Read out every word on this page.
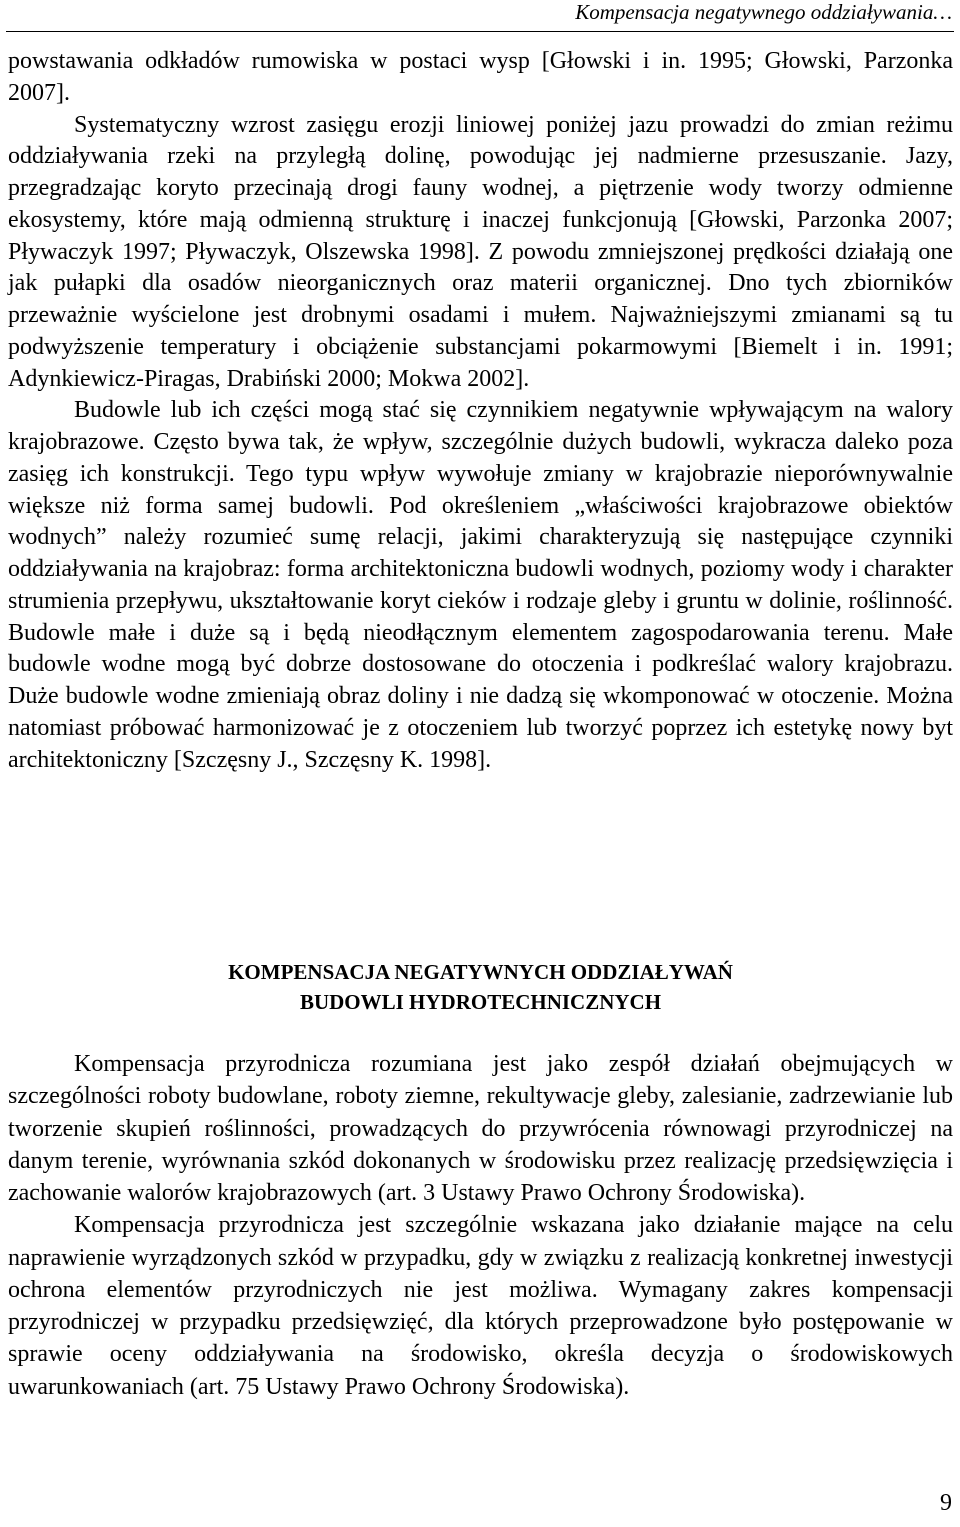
Kompensacja negatywnego oddziaływania…

powstawania odkładów rumowiska w postaci wysp [Głowski i in. 1995; Głowski, Parzonka 2007].

Systematyczny wzrost zasięgu erozji liniowej poniżej jazu prowadzi do zmian reżimu oddziaływania rzeki na przyległą dolinę, powodując jej nadmierne przesuszanie. Jazy, przegradzając koryto przecinają drogi fauny wodnej, a piętrzenie wody tworzy odmienne ekosystemy, które mają odmienną strukturę i inaczej funkcjonują [Głowski, Parzonka 2007; Pływaczyk 1997; Pływaczyk, Olszewska 1998]. Z powodu zmniejszonej prędkości działają one jak pułapki dla osadów nieorganicznych oraz materii organicznej. Dno tych zbiorników przeważnie wyścielone jest drobnymi osadami i mułem. Najważniejszymi zmianami są tu podwyższenie temperatury i obciążenie substancjami pokarmowymi [Biemelt i in. 1991; Adynkiewicz-Piragas, Drabiński 2000; Mokwa 2002].

Budowle lub ich części mogą stać się czynnikiem negatywnie wpływającym na walory krajobrazowe. Często bywa tak, że wpływ, szczególnie dużych budowli, wykracza daleko poza zasięg ich konstrukcji. Tego typu wpływ wywołuje zmiany w krajobrazie nieporównywalnie większe niż forma samej budowli. Pod określeniem „właściwości krajobrazowe obiektów wodnych” należy rozumieć sumę relacji, jakimi charakteryzują się następujące czynniki oddziaływania na krajobraz: forma architektoniczna budowli wodnych, poziomy wody i charakter strumienia przepływu, ukształtowanie koryt cieków i rodzaje gleby i gruntu w dolinie, roślinność. Budowle małe i duże są i będą nieodłącznym elementem zagospodarowania terenu. Małe budowle wodne mogą być dobrze dostosowane do otoczenia i podkreślać walory krajobrazu. Duże budowle wodne zmieniają obraz doliny i nie dadzą się wkomponować w otoczenie. Można natomiast próbować harmonizować je z otoczeniem lub tworzyć poprzez ich estetykę nowy byt architektoniczny [Szczęsny J., Szczęsny K. 1998].

KOMPENSACJA NEGATYWNYCH ODDZIAŁYWAŃ
BUDOWLI HYDROTECHNICZNYCH

Kompensacja przyrodnicza rozumiana jest jako zespół działań obejmujących w szczególności roboty budowlane, roboty ziemne, rekultywacje gleby, zalesianie, zadrzewianie lub tworzenie skupień roślinności, prowadzących do przywrócenia równowagi przyrodniczej na danym terenie, wyrównania szkód dokonanych w środowisku przez realizację przedsięwzięcia i zachowanie walorów krajobrazowych (art. 3 Ustawy Prawo Ochrony Środowiska).

Kompensacja przyrodnicza jest szczególnie wskazana jako działanie mające na celu naprawienie wyrządzonych szkód w przypadku, gdy w związku z realizacją konkretnej inwestycji ochrona elementów przyrodniczych nie jest możliwa. Wymagany zakres kompensacji przyrodniczej w przypadku przedsięwzięć, dla których przeprowadzone było postępowanie w sprawie oceny oddziaływania na środowisko, określa decyzja o środowiskowych uwarunkowaniach (art. 75 Ustawy Prawo Ochrony Środowiska).

9
